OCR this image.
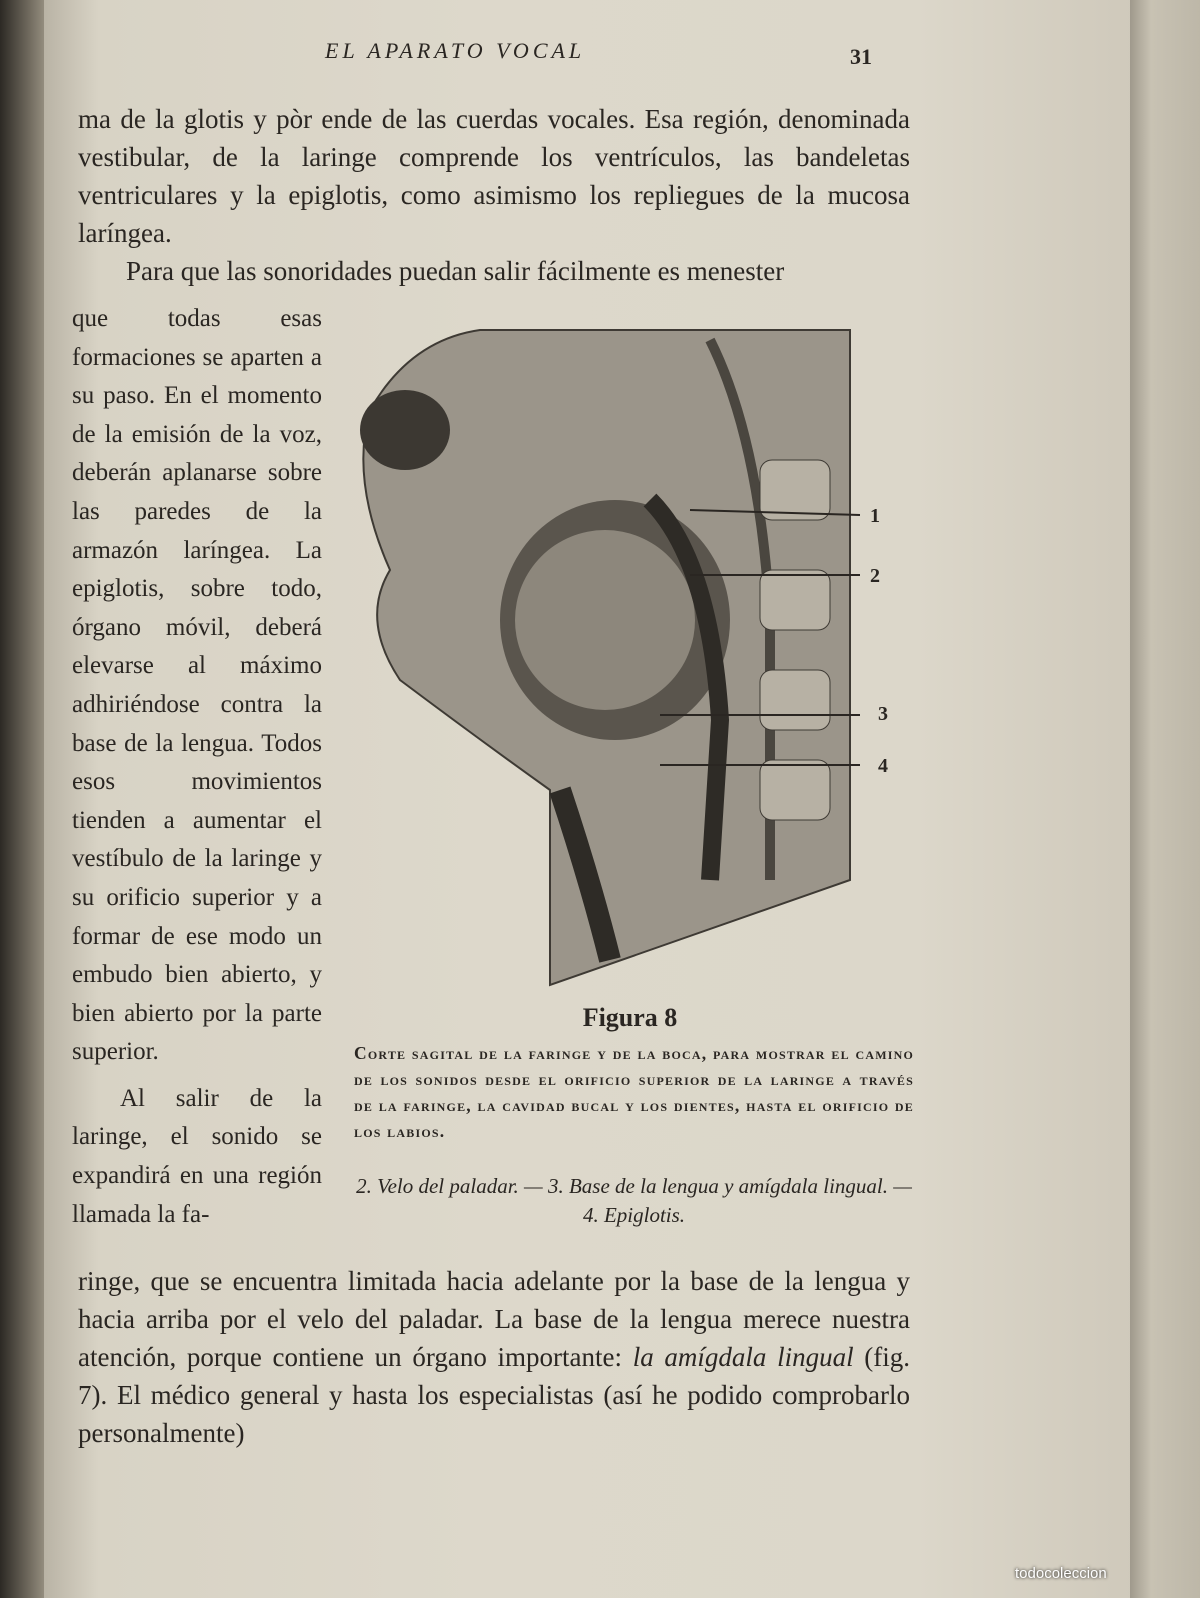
EL APARATO VOCAL	31

ma de la glotis y pòr ende de las cuerdas vocales. Esa región, denominada vestibular, de la laringe comprende los ventrículos, las bandeletas ventriculares y la epiglotis, como asimismo los repliegues de la mucosa laríngea.

Para que las sonoridades puedan salir fácilmente es menester

que todas esas formaciones se aparten a su paso. En el momento de la emisión de la voz, deberán aplanarse sobre las paredes de la armazón laríngea. La epiglotis, sobre todo, órgano móvil, deberá elevarse al máximo adhiriéndose contra la base de la lengua. Todos esos movimientos tienden a aumentar el vestíbulo de la laringe y su orificio superior y a formar de ese modo un embudo bien abierto, y bien abierto por la parte superior.

Al salir de la laringe, el sonido se expandirá en una región llamada la fa-

1
2
3
4
Figura 8
Corte sagital de la faringe y de la boca, para mostrar el camino de los sonidos desde el orificio superior de la laringe a través de la faringe, la cavidad bucal y los dientes, hasta el orificio de los labios.
2. Velo del paladar. — 3. Base de la lengua y amígdala lingual. — 4. Epiglotis.

ringe, que se encuentra limitada hacia adelante por la base de la lengua y hacia arriba por el velo del paladar. La base de la lengua merece nuestra atención, porque contiene un órgano importante: la amígdala lingual (fig. 7). El médico general y hasta los especialistas (así he podido comprobarlo personalmente)

todocoleccion
